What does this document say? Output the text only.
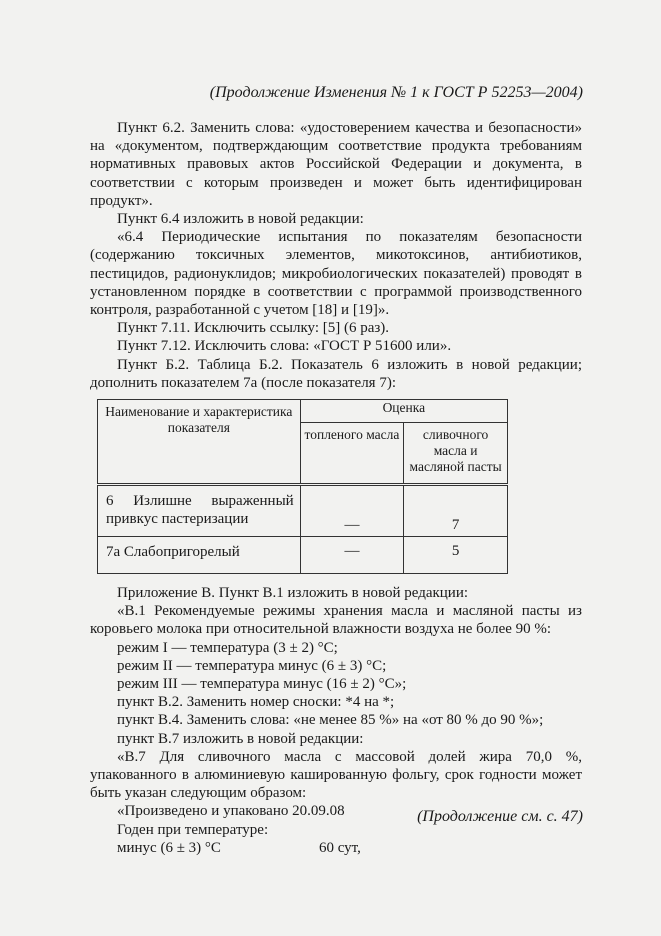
(Продолжение Изменения № 1 к ГОСТ Р 52253—2004)
Пункт 6.2. Заменить слова: «удостоверением качества и безопасности» на «документом, подтверждающим соответствие продукта требованиям нормативных правовых актов Российской Федерации и документа, в соответствии с которым произведен и может быть идентифицирован продукт».
Пункт 6.4 изложить в новой редакции:
«6.4 Периодические испытания по показателям безопасности (содержанию токсичных элементов, микотоксинов, антибиотиков, пестицидов, радионуклидов; микробиологических показателей) проводят в установленном порядке в соответствии с программой производственного контроля, разработанной с учетом [18] и [19]».
Пункт 7.11. Исключить ссылку: [5] (6 раз).
Пункт 7.12. Исключить слова: «ГОСТ Р 51600 или».
Пункт Б.2. Таблица Б.2. Показатель 6 изложить в новой редакции; дополнить показателем 7а (после показателя 7):
Наименование и характеристика показателя	Оценка	
	топленого масла	сливочного масла и масляной пасты
6 Излишне выраженный привкус пастеризации	—	7
7а Слабопригорелый	—	5
Приложение В. Пункт В.1 изложить в новой редакции:
«В.1 Рекомендуемые режимы хранения масла и масляной пасты из коровьего молока при относительной влажности воздуха не более 90 %:
режим I — температура (3 ± 2) °С;
режим II — температура минус (6 ± 3) °С;
режим III — температура минус (16 ± 2) °С»;
пункт В.2. Заменить номер сноски: *4 на *;
пункт В.4. Заменить слова: «не менее 85 %» на «от 80 % до 90 %»;
пункт В.7 изложить в новой редакции:
«В.7 Для сливочного масла с массовой долей жира 70,0 %, упакованного в алюминиевую кашированную фольгу, срок годности может быть указан следующим образом:
«Произведено и упаковано 20.09.08
Годен при температуре:
минус (6 ± 3) °С	60 сут,
(Продолжение см. с. 47)
